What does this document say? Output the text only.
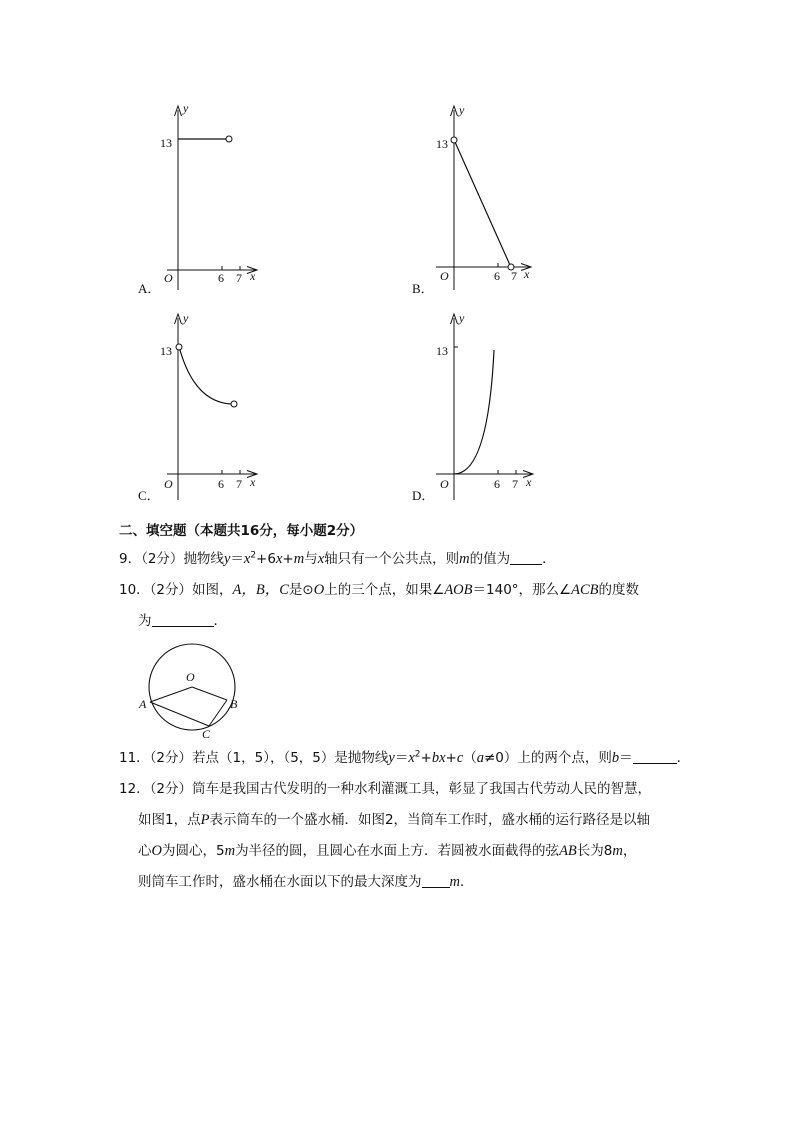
y
x
O
13
6 7
A．
y
x
O
13
6 7
B．
y
x
O
13
6 7
C．
y
x
O
13
6 7
D．
二、填空题（本题共16分，每小题2分）
9．（2分）抛物线$y=x^2+6x+m$与x轴只有一个公共点，则m的值为 ．
10．（2分）如图，A，B，C是⊙O上的三个点，如果∠AOB＝140°，那么∠ACB的度数
为	．
O
A	B
C
11．（2分）若点（1，5），（5，5）是抛物线$y=x^2+bx+c(a\ne 0)$上的两个点，则b＝	．
12．（2分）筒车是我国古代发明的一种水利灌溉工具，彰显了我国古代劳动人民的智慧，
如图1，点P表示筒车的一个盛水桶．如图2，当筒车工作时，盛水桶的运行路径是以轴
心O为圆心，5m为半径的圆，且圆心在水面上方．若圆被水面截得的弦AB长为8m，
则筒车工作时，盛水桶在水面以下的最大深度为 m．
